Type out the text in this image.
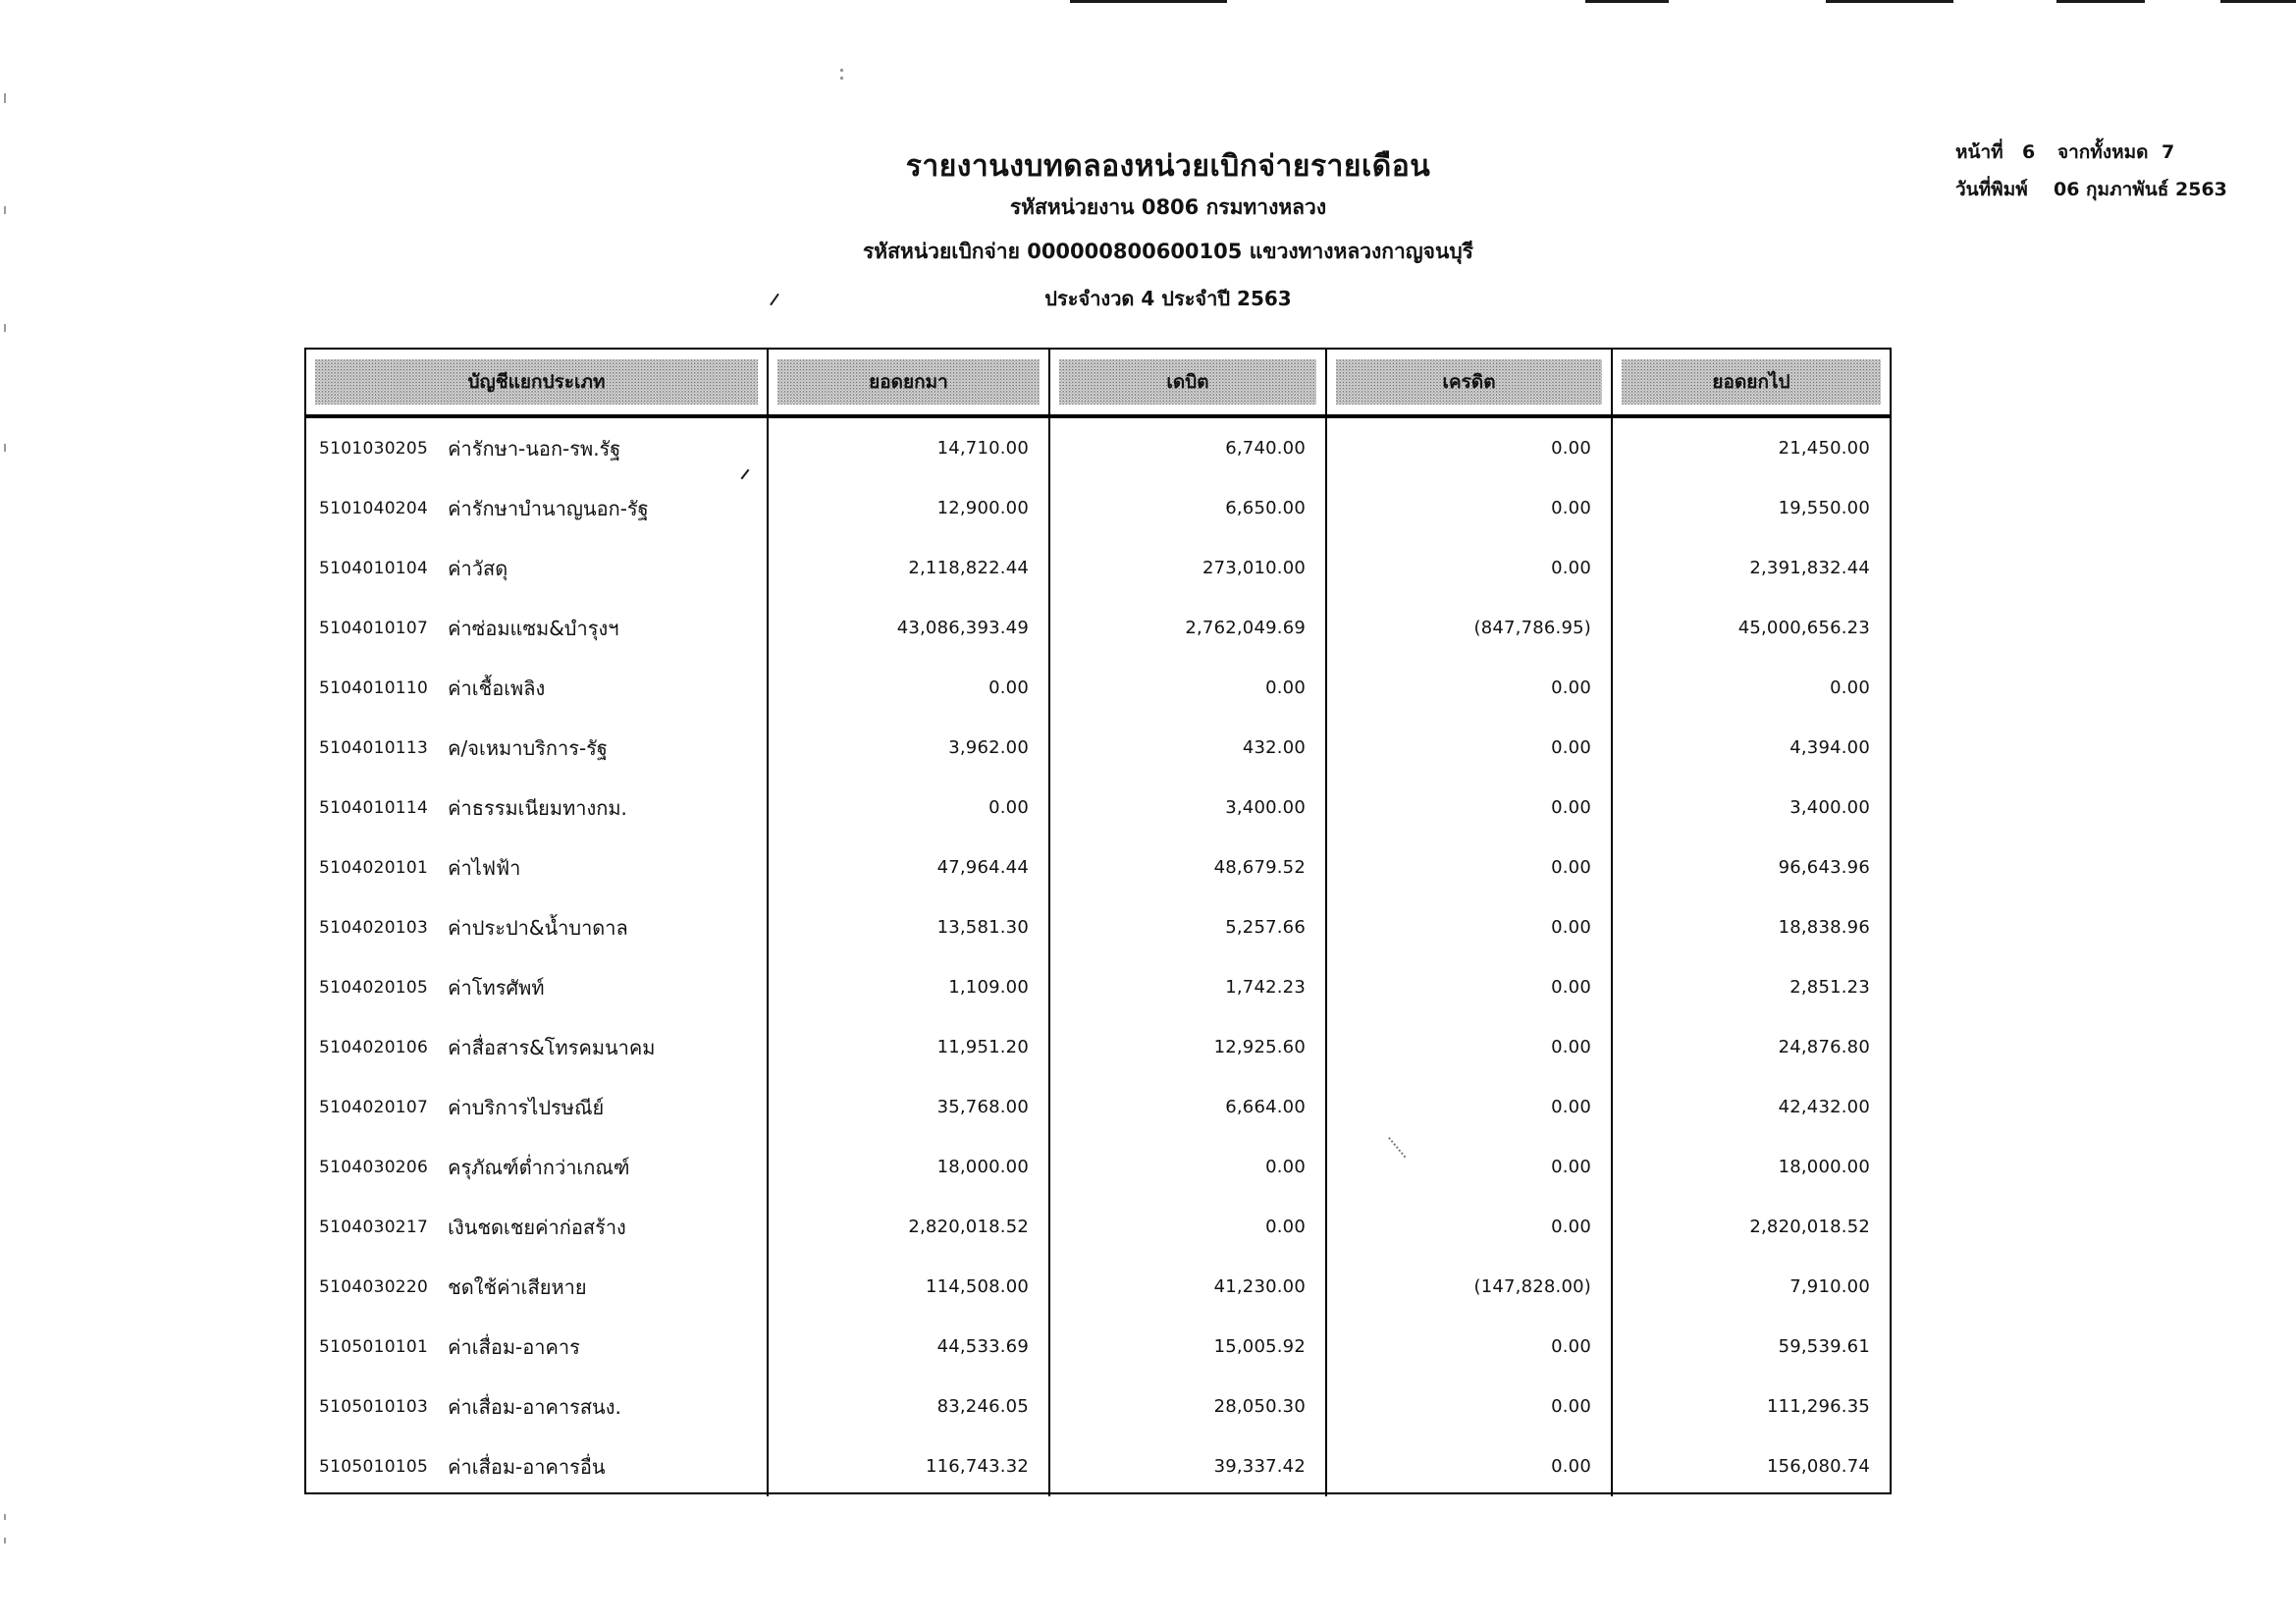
รายงานงบทดลองหน่วยเบิกจ่ายรายเดือน
รหัสหน่วยงาน 0806 กรมทางหลวง
รหัสหน่วยเบิกจ่าย 000000800600105 แขวงทางหลวงกาญจนบุรี
ประจำงวด 4 ประจำปี 2563
หน้าที่ 6 จากทั้งหมด 7
วันที่พิมพ์ 06 กุมภาพันธ์ 2563
บัญชีแยกประเภท	ยอดยกมา	เดบิต	เครดิต	ยอดยกไป
5101030205 ค่ารักษา-นอก-รพ.รัฐ	14,710.00	6,740.00	0.00	21,450.00
5101040204 ค่ารักษาบำนาญนอก-รัฐ	12,900.00	6,650.00	0.00	19,550.00
5104010104 ค่าวัสดุ	2,118,822.44	273,010.00	0.00	2,391,832.44
5104010107 ค่าซ่อมแซม&บำรุงฯ	43,086,393.49	2,762,049.69	(847,786.95)	45,000,656.23
5104010110 ค่าเชื้อเพลิง	0.00	0.00	0.00	0.00
5104010113 ค/จเหมาบริการ-รัฐ	3,962.00	432.00	0.00	4,394.00
5104010114 ค่าธรรมเนียมทางกม.	0.00	3,400.00	0.00	3,400.00
5104020101 ค่าไฟฟ้า	47,964.44	48,679.52	0.00	96,643.96
5104020103 ค่าประปา&น้ำบาดาล	13,581.30	5,257.66	0.00	18,838.96
5104020105 ค่าโทรศัพท์	1,109.00	1,742.23	0.00	2,851.23
5104020106 ค่าสื่อสาร&โทรคมนาคม	11,951.20	12,925.60	0.00	24,876.80
5104020107 ค่าบริการไปรษณีย์	35,768.00	6,664.00	0.00	42,432.00
5104030206 ครุภัณฑ์ต่ำกว่าเกณฑ์	18,000.00	0.00	0.00	18,000.00
5104030217 เงินชดเชยค่าก่อสร้าง	2,820,018.52	0.00	0.00	2,820,018.52
5104030220 ชดใช้ค่าเสียหาย	114,508.00	41,230.00	(147,828.00)	7,910.00
5105010101 ค่าเสื่อม-อาคาร	44,533.69	15,005.92	0.00	59,539.61
5105010103 ค่าเสื่อม-อาคารสนง.	83,246.05	28,050.30	0.00	111,296.35
5105010105 ค่าเสื่อม-อาคารอื่น	116,743.32	39,337.42	0.00	156,080.74
